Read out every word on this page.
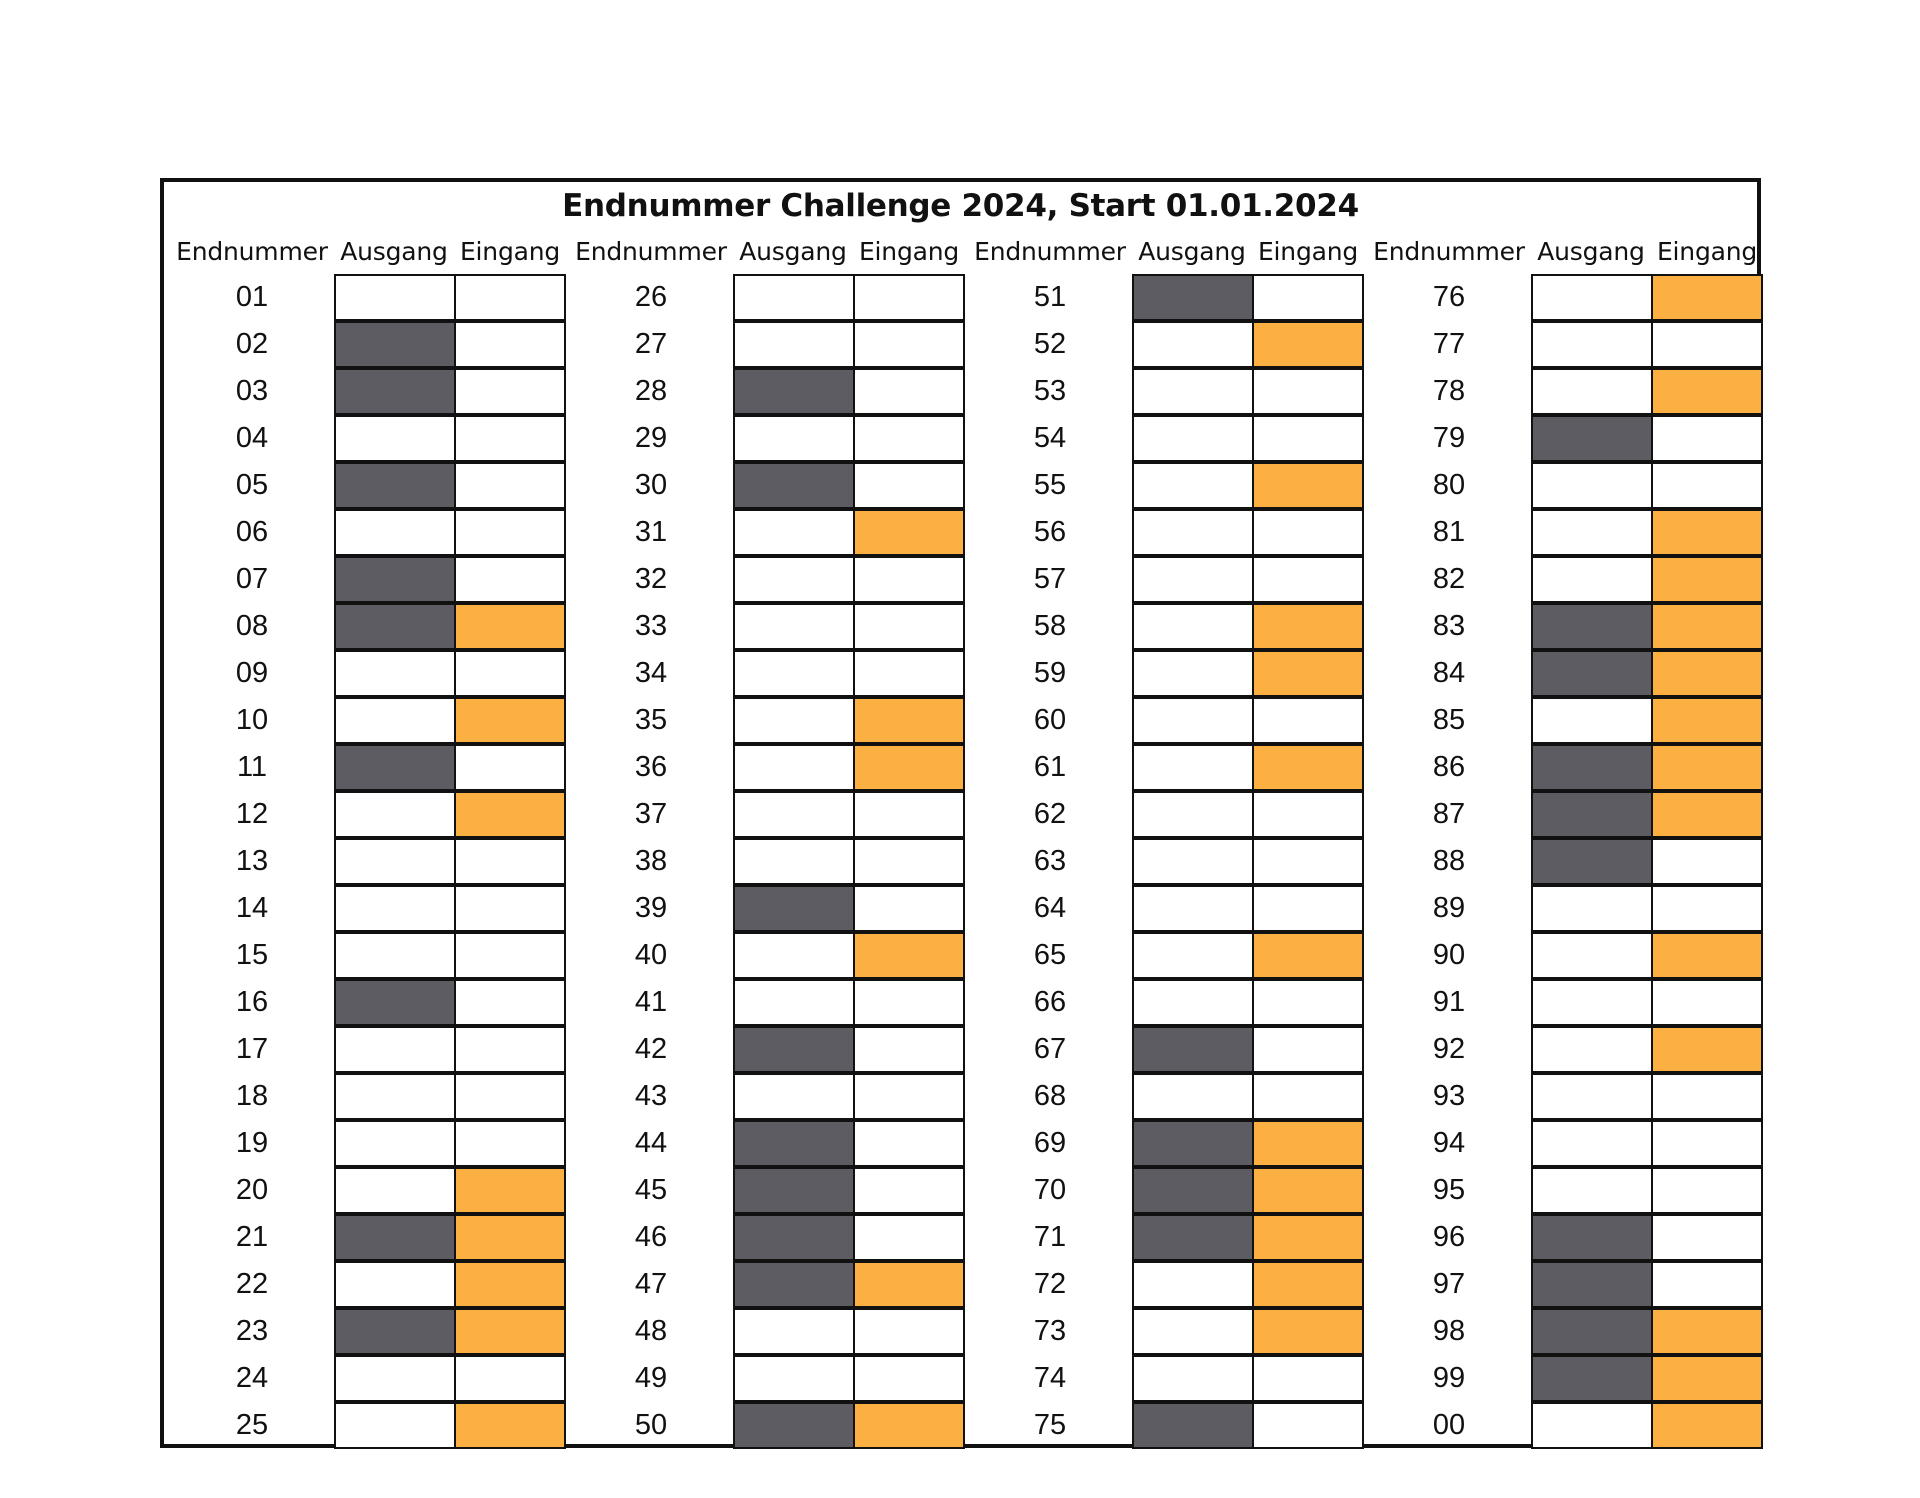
Endnummer Challenge 2024, Start 01.01.2024
Endnummer Ausgang Eingang
01
02
03
04
05
06
07
08
09
10
11
12
13
14
15
16
17
18
19
20
21
22
23
24
25
Endnummer Ausgang Eingang
26
27
28
29
30
31
32
33
34
35
36
37
38
39
40
41
42
43
44
45
46
47
48
49
50
Endnummer Ausgang Eingang
51
52
53
54
55
56
57
58
59
60
61
62
63
64
65
66
67
68
69
70
71
72
73
74
75
Endnummer Ausgang Eingang
76
77
78
79
80
81
82
83
84
85
86
87
88
89
90
91
92
93
94
95
96
97
98
99
00
